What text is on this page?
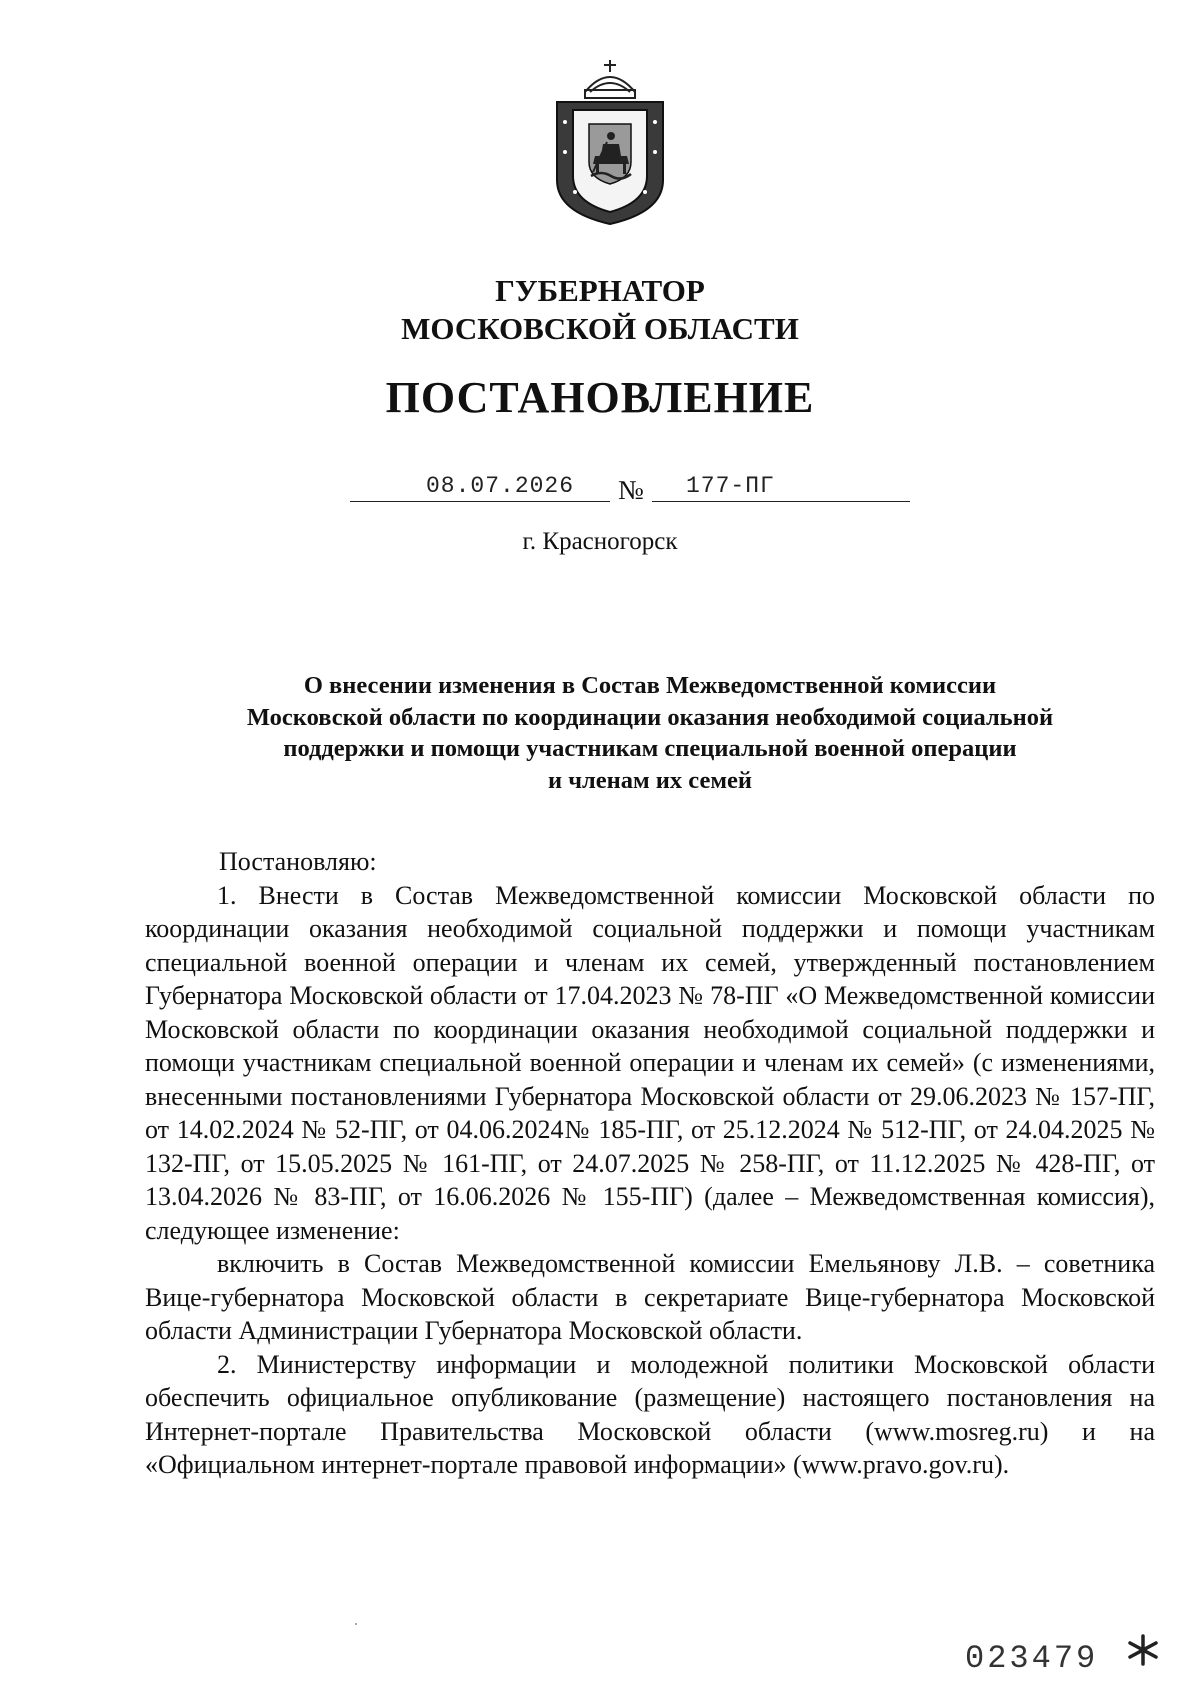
ГУБЕРНАТОР
МОСКОВСКОЙ ОБЛАСТИ
ПОСТАНОВЛЕНИЕ
08.07.2026 № 177-ПГ
г. Красногорск
О внесении изменения в Состав Межведомственной комиссии
Московской области по координации оказания необходимой социальной
поддержки и помощи участникам специальной военной операции
и членам их семей

Постановляю:

1. Внести в Состав Межведомственной комиссии Московской области по координации оказания необходимой социальной поддержки и помощи участникам специальной военной операции и членам их семей, утвержденный постановлением Губернатора Московской области от 17.04.2023 № 78-ПГ «О Межведомственной комиссии Московской области по координации оказания необходимой социальной поддержки и помощи участникам специальной военной операции и членам их семей» (с изменениями, внесенными постановлениями Губернатора Московской области от 29.06.2023 № 157-ПГ, от 14.02.2024 № 52-ПГ, от 04.06.2024№ 185-ПГ, от 25.12.2024 № 512-ПГ, от 24.04.2025 № 132-ПГ, от 15.05.2025 № 161-ПГ, от 24.07.2025 № 258-ПГ, от 11.12.2025 № 428-ПГ, от 13.04.2026 № 83-ПГ, от 16.06.2026 № 155-ПГ) (далее – Межведомственная комиссия), следующее изменение:

включить в Состав Межведомственной комиссии Емельянову Л.В. – советника Вице-губернатора Московской области в секретариате Вице-губернатора Московской области Администрации Губернатора Московской области.

2. Министерству информации и молодежной политики Московской области обеспечить официальное опубликование (размещение) настоящего постановления на Интернет-портале Правительства Московской области (www.mosreg.ru) и на «Официальном интернет-портале правовой информации» (www.pravo.gov.ru).

023479
